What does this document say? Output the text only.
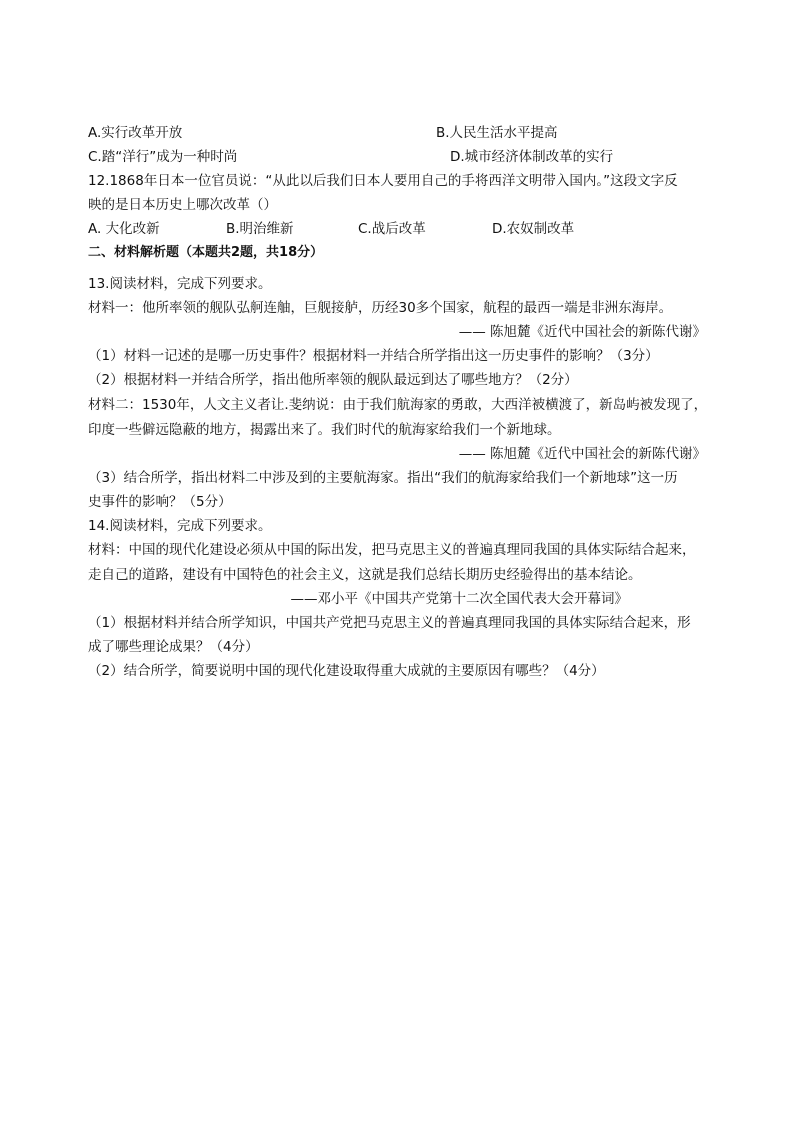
A.实行改革开放	B.人民生活水平提高
C.踏“洋行”成为一种时尚	D.城市经济体制改革的实行
12.1868年日本一位官员说：“从此以后我们日本人要用自己的手将西洋文明带入国内。”这段文字反
映的是日本历史上哪次改革（）
A. 大化改新	B.明治维新	C.战后改革	D.农奴制改革
二、材料解析题（本题共2题，共18分）
13.阅读材料，完成下列要求。
材料一：他所率领的舰队弘舸连舳，巨舰接舻，历经30多个国家，航程的最西一端是非洲东海岸。
—— 陈旭麓《近代中国社会的新陈代谢》
（1）材料一记述的是哪一历史事件？根据材料一并结合所学指出这一历史事件的影响？（3分）
（2）根据材料一并结合所学，指出他所率领的舰队最远到达了哪些地方？（2分）
材料二：1530年，人文主义者让.斐纳说：由于我们航海家的勇敢，大西洋被横渡了，新岛屿被发现了，
印度一些僻远隐蔽的地方，揭露出来了。我们时代的航海家给我们一个新地球。
—— 陈旭麓《近代中国社会的新陈代谢》
（3）结合所学，指出材料二中涉及到的主要航海家。指出“我们的航海家给我们一个新地球”这一历
史事件的影响？（5分）
14.阅读材料，完成下列要求。
材料：中国的现代化建设必须从中国的际出发，把马克思主义的普遍真理同我国的具体实际结合起来，
走自己的道路，建设有中国特色的社会主义，这就是我们总结长期历史经验得出的基本结论。
——邓小平《中国共产党第十二次全国代表大会开幕词》
（1）根据材料并结合所学知识，中国共产党把马克思主义的普遍真理同我国的具体实际结合起来，形
成了哪些理论成果？（4分）
（2）结合所学，简要说明中国的现代化建设取得重大成就的主要原因有哪些？（4分）
